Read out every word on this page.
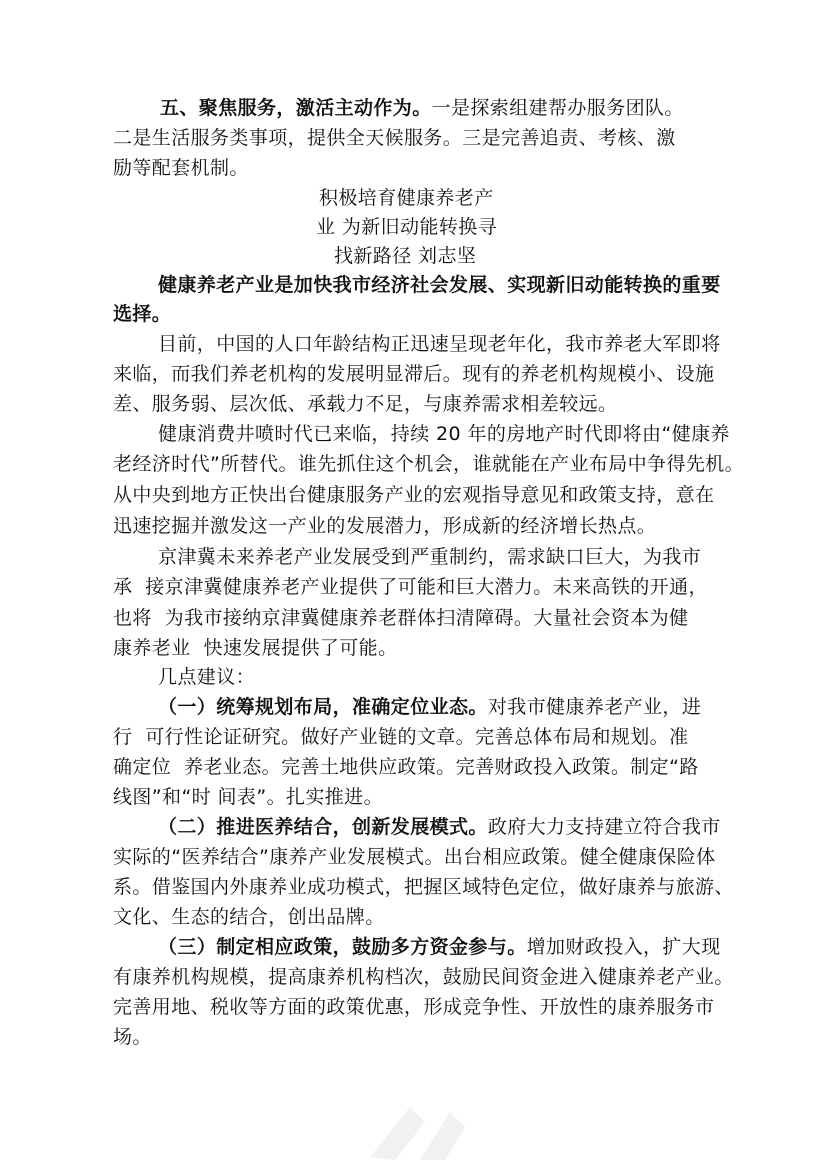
五、聚焦服务，激活主动作为。一是探索组建帮办服务团队。

二是生活服务类事项，提供全天候服务。三是完善追责、考核、激

励等配套机制。

积极培育健康养老产

业 为新旧动能转换寻

找新路径 刘志坚

健康养老产业是加快我市经济社会发展、实现新旧动能转换的重要

选择。

目前，中国的人口年龄结构正迅速呈现老年化，我市养老大军即将

来临，而我们养老机构的发展明显滞后。现有的养老机构规模小、设施

差、服务弱、层次低、承载力不足，与康养需求相差较远。

健康消费井喷时代已来临，持续 20 年的房地产时代即将由“健康养

老经济时代”所替代。谁先抓住这个机会，谁就能在产业布局中争得先机。

从中央到地方正快出台健康服务产业的宏观指导意见和政策支持，意在

迅速挖掘并激发这一产业的发展潜力，形成新的经济增长热点。

京津冀未来养老产业发展受到严重制约，需求缺口巨大，为我市

承  接京津冀健康养老产业提供了可能和巨大潜力。未来高铁的开通，

也将  为我市接纳京津冀健康养老群体扫清障碍。大量社会资本为健

康养老业  快速发展提供了可能。

几点建议：

（一）统筹规划布局，准确定位业态。对我市健康养老产业，进

行  可行性论证研究。做好产业链的文章。完善总体布局和规划。准

确定位  养老业态。完善土地供应政策。完善财政投入政策。制定“路

线图”和“时 间表”。扎实推进。

（二）推进医养结合，创新发展模式。政府大力支持建立符合我市

实际的“医养结合”康养产业发展模式。出台相应政策。健全健康保险体

系。借鉴国内外康养业成功模式，把握区域特色定位，做好康养与旅游、

文化、生态的结合，创出品牌。

（三）制定相应政策，鼓励多方资金参与。增加财政投入，扩大现

有康养机构规模，提高康养机构档次，鼓励民间资金进入健康养老产业。

完善用地、税收等方面的政策优惠，形成竞争性、开放性的康养服务市

场。
